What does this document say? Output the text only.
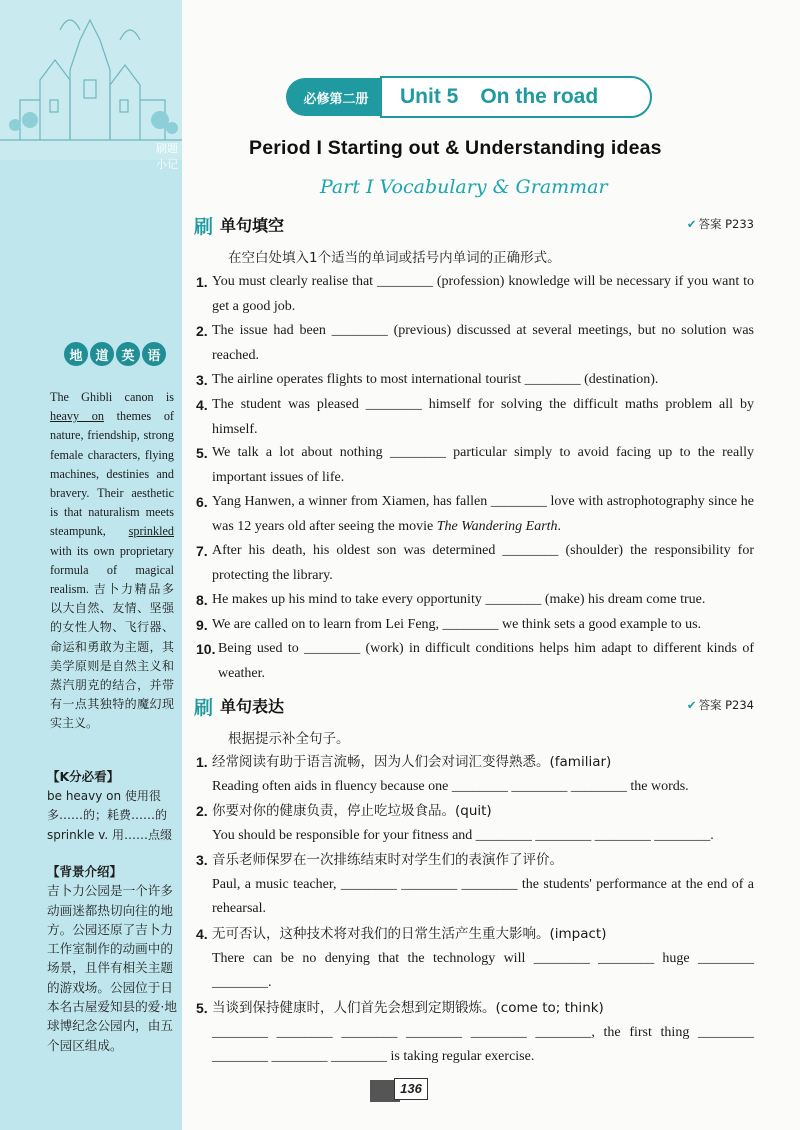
刷题小记
地 道 英 语

The Ghibli canon is heavy on themes of nature, friendship, strong female characters, flying machines, destinies and bravery. Their aesthetic is that naturalism meets steampunk, sprinkled with its own proprietary formula of magical realism. 吉卜力精品多以大自然、友情、坚强的女性人物、飞行器、命运和勇敢为主题，其美学原则是自然主义和蒸汽朋克的结合，并带有一点其独特的魔幻现实主义。

【K分必看】
be heavy on 使用很多……的；耗费……的
sprinkle v. 用……点缀
【背景介绍】
吉卜力公园是一个许多动画迷都热切向往的地方。公园还原了吉卜力工作室制作的动画中的场景，且伴有相关主题的游戏场。公园位于日本名古屋爱知县的爱·地球博纪念公园内，由五个园区组成。
必修第二册	Unit 5 On the road
Period I Starting out & Understanding ideas
Part I Vocabulary & Grammar
刷 单句填空	✔ 答案 P233
在空白处填入1个适当的单词或括号内单词的正确形式。
1. You must clearly realise that ________ (profession) knowledge will be necessary if you want to get a good job.
2. The issue had been ________ (previous) discussed at several meetings, but no solution was reached.
3. The airline operates flights to most international tourist ________ (destination).
4. The student was pleased ________ himself for solving the difficult maths problem all by himself.
5. We talk a lot about nothing ________ particular simply to avoid facing up to the really important issues of life.
6. Yang Hanwen, a winner from Xiamen, has fallen ________ love with astrophotography since he was 12 years old after seeing the movie The Wandering Earth.
7. After his death, his oldest son was determined ________ (shoulder) the responsibility for protecting the library.
8. He makes up his mind to take every opportunity ________ (make) his dream come true.
9. We are called on to learn from Lei Feng, ________ we think sets a good example to us.
10. Being used to ________ (work) in difficult conditions helps him adapt to different kinds of weather.
刷 单句表达	✔ 答案 P234
根据提示补全句子。
1. 经常阅读有助于语言流畅，因为人们会对词汇变得熟悉。(familiar)
Reading often aids in fluency because one ________ ________ ________ the words.
2. 你要对你的健康负责，停止吃垃圾食品。(quit)
You should be responsible for your fitness and ________ ________ ________ ________.
3. 音乐老师保罗在一次排练结束时对学生们的表演作了评价。
Paul, a music teacher, ________ ________ ________ the students' performance at the end of a rehearsal.
4. 无可否认，这种技术将对我们的日常生活产生重大影响。(impact)
There can be no denying that the technology will ________ ________ huge ________ ________.
5. 当谈到保持健康时，人们首先会想到定期锻炼。(come to; think)
________ ________ ________ ________ ________ ________, the first thing ________ ________ ________ ________ is taking regular exercise.
136
